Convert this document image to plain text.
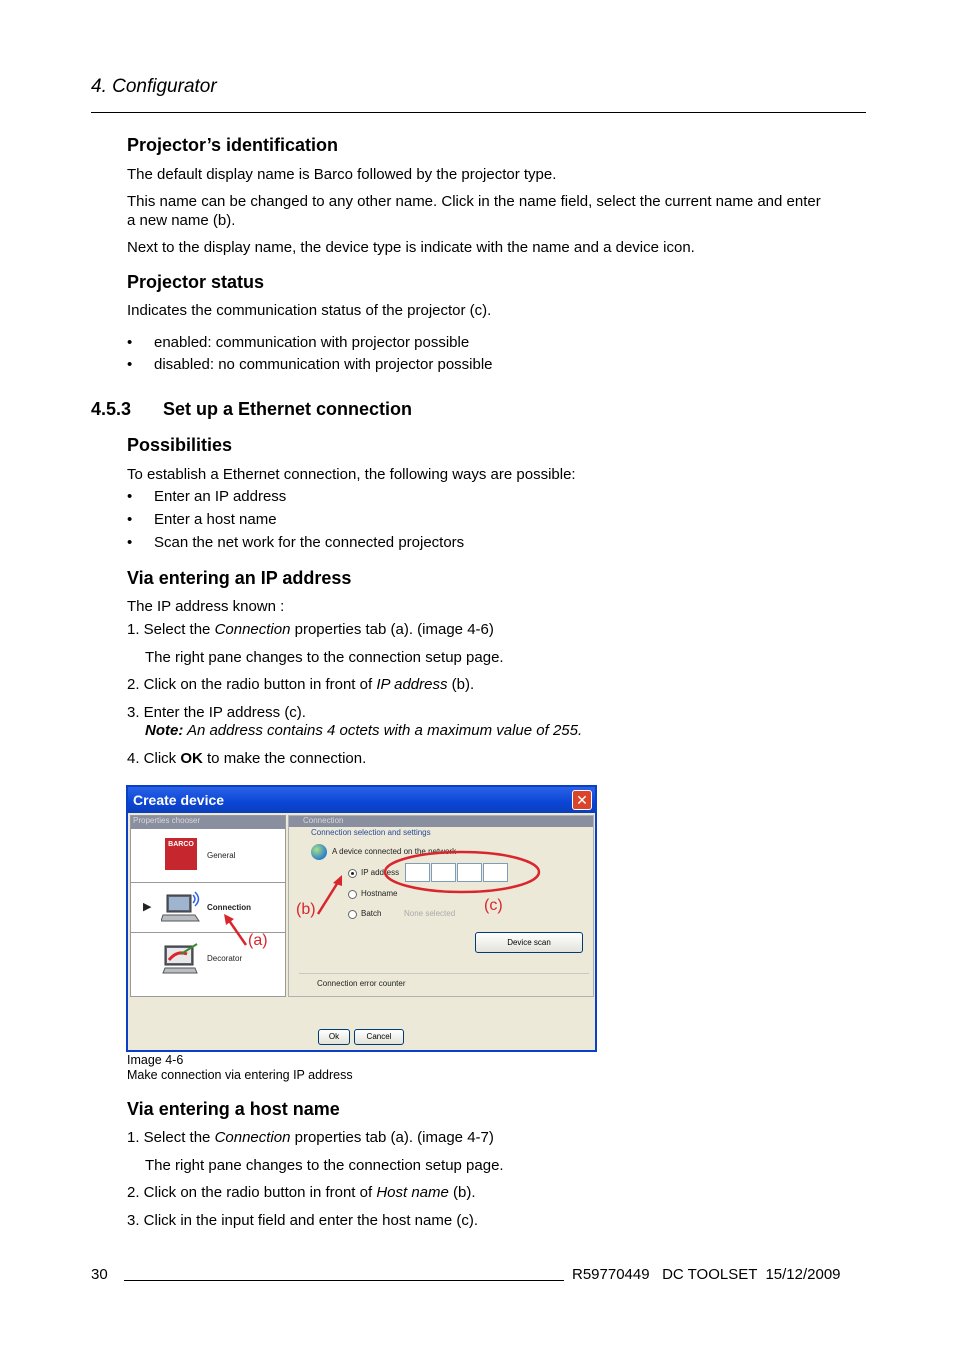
4. Configurator
Projector’s identification

The default display name is Barco followed by the projector type.

This name can be changed to any other name. Click in the name field, select the current name and enter

a new name (b).

Next to the display name, the device type is indicate with the name and a device icon.

Projector status

Indicates the communication status of the projector (c).

• enabled: communication with projector possible
• disabled: no communication with projector possible
4.5.3 Set up a Ethernet connection
Possibilities

To establish a Ethernet connection, the following ways are possible:

• Enter an IP address
• Enter a host name
• Scan the net work for the connected projectors
Via entering an IP address

The IP address known :

1. Select the Connection properties tab (a). (image 4-6)

The right pane changes to the connection setup page.

2. Click on the radio button in front of IP address (b).

3. Enter the IP address (c).

Note: An address contains 4 octets with a maximum value of 255.

4. Click OK to make the connection.

Create device	✕
Properties chooser
BARCO
General
▶	Connection
Decorator
Connection
Connection selection and settings
A device connected on the network
IP address
Hostname
Batch	None selected
Device scan
Connection error counter
Ok	Cancel
(b)	(c)
(a)
Image 4-6
Make connection via entering IP address
Via entering a host name

1. Select the Connection properties tab (a). (image 4-7)

The right pane changes to the connection setup page.

2. Click on the radio button in front of Host name (b).

3. Click in the input field and enter the host name (c).

30	R59770449   DC TOOLSET  15/12/2009
